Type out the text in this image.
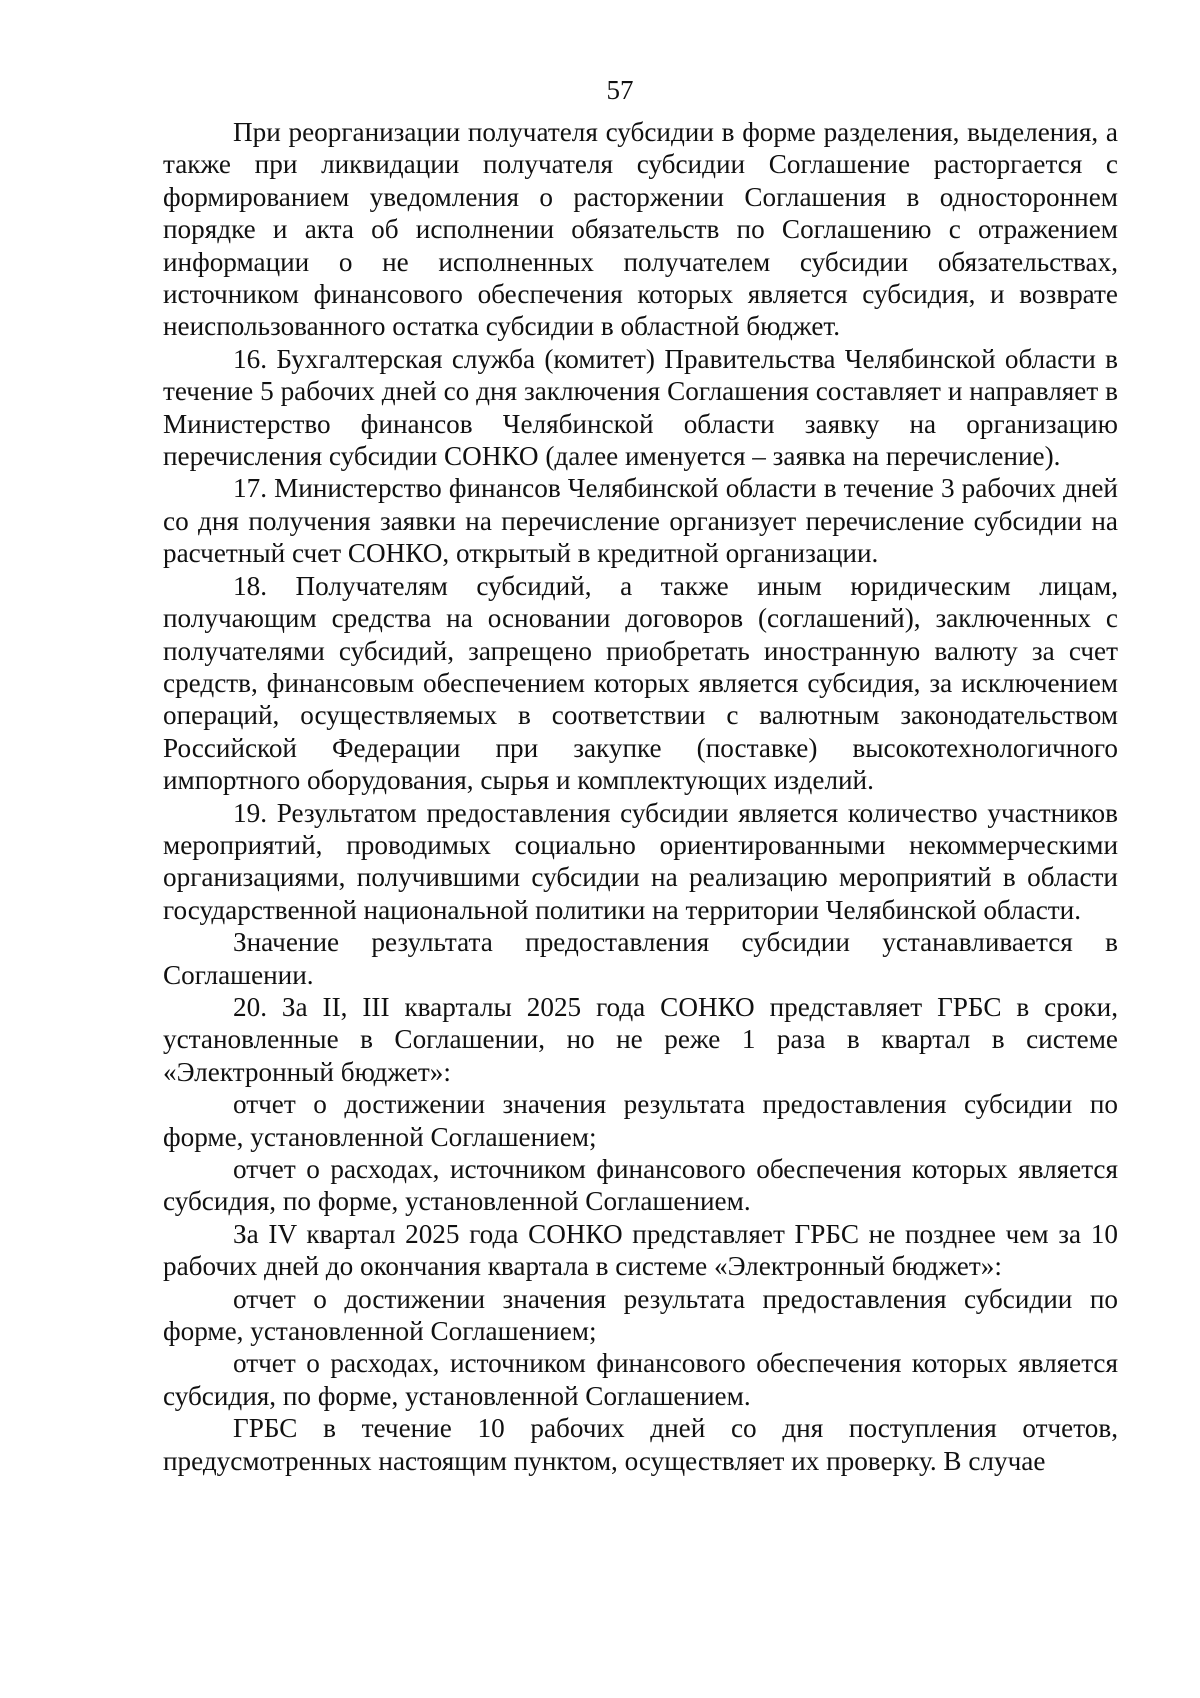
57

При реорганизации получателя субсидии в форме разделения, выделения, а также при ликвидации получателя субсидии Соглашение расторгается с формированием уведомления о расторжении Соглашения в одностороннем порядке и акта об исполнении обязательств по Соглашению с отражением информации о не исполненных получателем субсидии обязательствах, источником финансового обеспечения которых является субсидия, и возврате неиспользованного остатка субсидии в областной бюджет.

16. Бухгалтерская служба (комитет) Правительства Челябинской области в течение 5 рабочих дней со дня заключения Соглашения составляет и направляет в Министерство финансов Челябинской области заявку на организацию перечисления субсидии СОНКО (далее именуется – заявка на перечисление).

17. Министерство финансов Челябинской области в течение 3 рабочих дней со дня получения заявки на перечисление организует перечисление субсидии на расчетный счет СОНКО, открытый в кредитной организации.

18. Получателям субсидий, а также иным юридическим лицам, получающим средства на основании договоров (соглашений), заключенных с получателями субсидий, запрещено приобретать иностранную валюту за счет средств, финансовым обеспечением которых является субсидия, за исключением операций, осуществляемых в соответствии с валютным законодательством Российской Федерации при закупке (поставке) высокотехнологичного импортного оборудования, сырья и комплектующих изделий.

19. Результатом предоставления субсидии является количество участников мероприятий, проводимых социально ориентированными некоммерческими организациями, получившими субсидии на реализацию мероприятий в области государственной национальной политики на территории Челябинской области.

Значение результата предоставления субсидии устанавливается в Соглашении.

20. За II, III кварталы 2025 года СОНКО представляет ГРБС в сроки, установленные в Соглашении, но не реже 1 раза в квартал в системе «Электронный бюджет»:

отчет о достижении значения результата предоставления субсидии по форме, установленной Соглашением;

отчет о расходах, источником финансового обеспечения которых является субсидия, по форме, установленной Соглашением.

За IV квартал 2025 года СОНКО представляет ГРБС не позднее чем за 10 рабочих дней до окончания квартала в системе «Электронный бюджет»:

отчет о достижении значения результата предоставления субсидии по форме, установленной Соглашением;

отчет о расходах, источником финансового обеспечения которых является субсидия, по форме, установленной Соглашением.

ГРБС в течение 10 рабочих дней со дня поступления отчетов, предусмотренных настоящим пунктом, осуществляет их проверку. В случае
